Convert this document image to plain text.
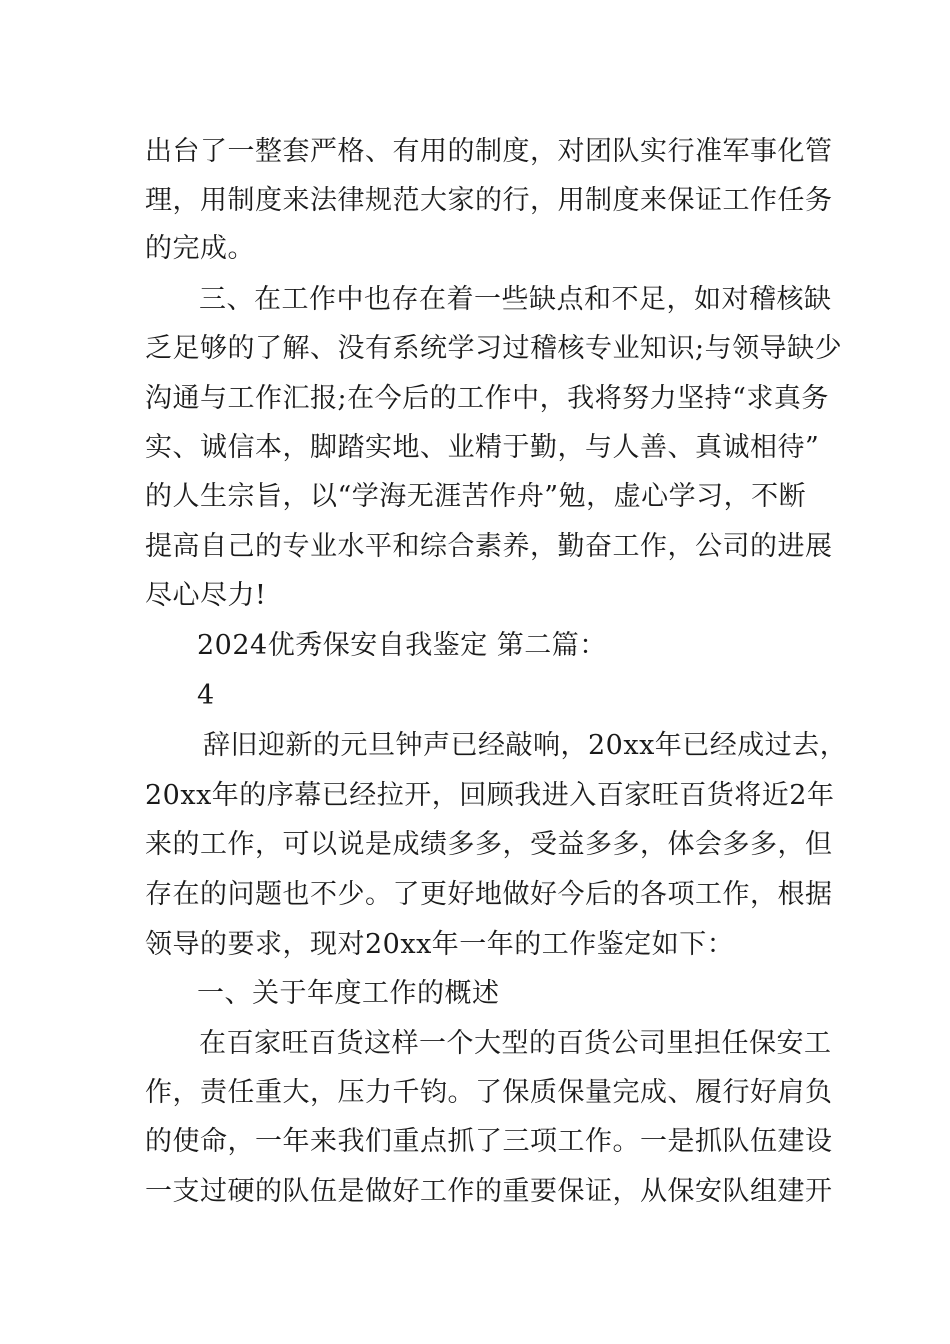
出台了一整套严格、有用的制度，对团队实行准军事化管
理，用制度来法律规范大家的行，用制度来保证工作任务
的完成。
三、在工作中也存在着一些缺点和不足，如对稽核缺
乏足够的了解、没有系统学习过稽核专业知识;与领导缺少
沟通与工作汇报;在今后的工作中，我将努力坚持“求真务
实、诚信本，脚踏实地、业精于勤，与人善、真诚相待”
的人生宗旨，以“学海无涯苦作舟”勉，虚心学习，不断
提高自己的专业水平和综合素养，勤奋工作，公司的进展
尽心尽力!
2024优秀保安自我鉴定 第二篇：
4
辞旧迎新的元旦钟声已经敲响，20xx年已经成过去，
20xx年的序幕已经拉开，回顾我进入百家旺百货将近2年
来的工作，可以说是成绩多多，受益多多，体会多多，但
存在的问题也不少。了更好地做好今后的各项工作，根据
领导的要求，现对20xx年一年的工作鉴定如下：
一、关于年度工作的概述
在百家旺百货这样一个大型的百货公司里担任保安工
作，责任重大，压力千钧。了保质保量完成、履行好肩负
的使命，一年来我们重点抓了三项工作。一是抓队伍建设
一支过硬的队伍是做好工作的重要保证，从保安队组建开
